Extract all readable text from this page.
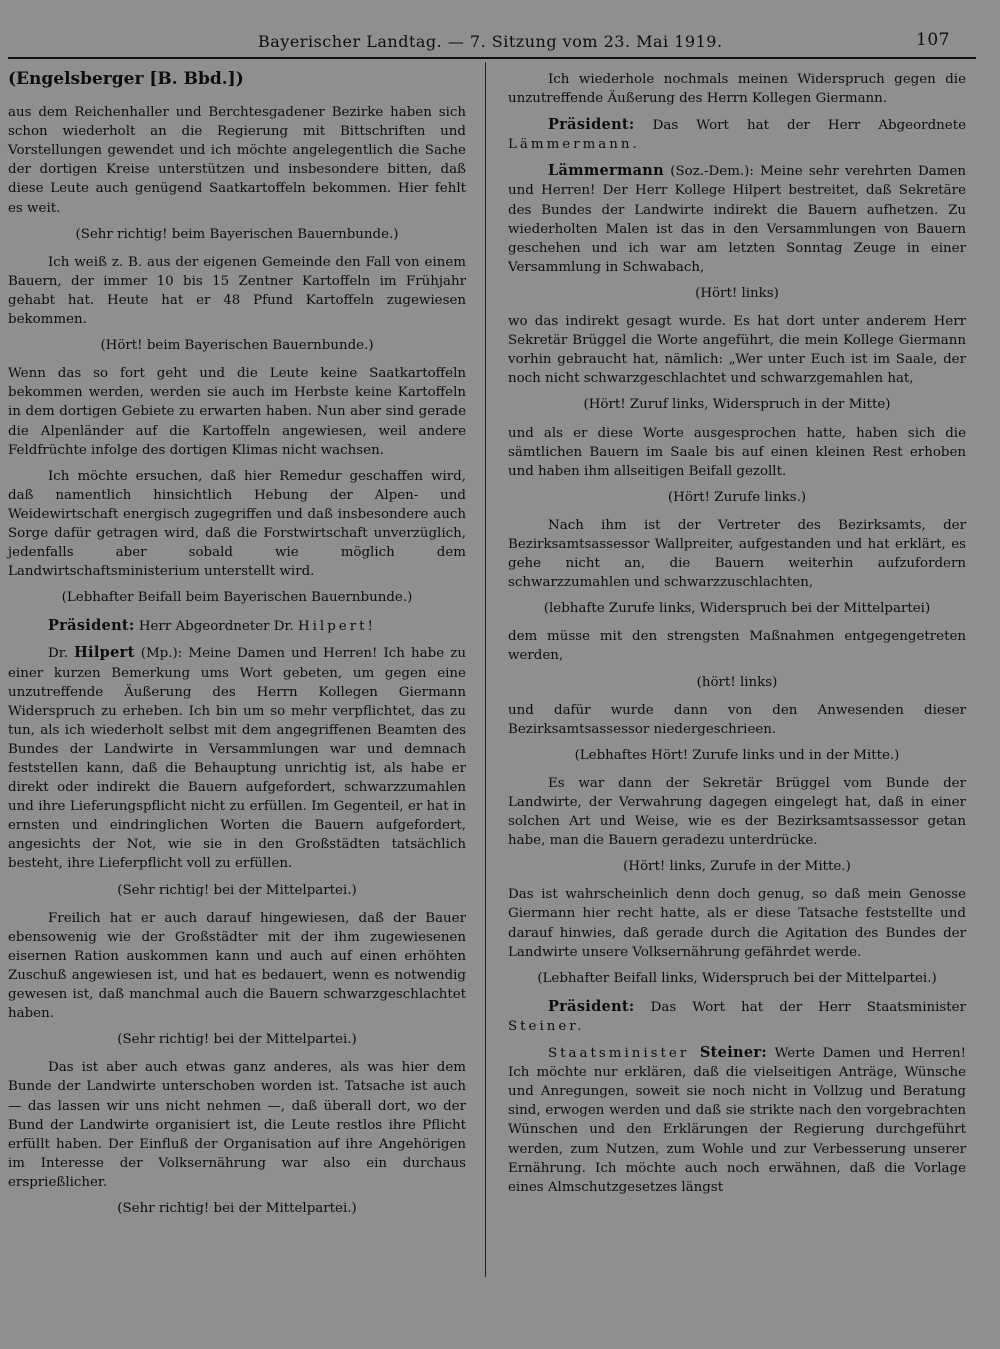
Bayerischer Landtag. — 7. Sitzung vom 23. Mai 1919.	107

(Engelsberger [B. Bbd.])

aus dem Reichenhaller und Berchtesgadener Bezirke haben sich schon wiederholt an die Regierung mit Bittschriften und Vorstellungen gewendet und ich möchte angelegentlich die Sache der dortigen Kreise unterstützen und insbesondere bitten, daß diese Leute auch genügend Saatkartoffeln bekommen. Hier fehlt es weit.

(Sehr richtig! beim Bayerischen Bauernbunde.)

Ich weiß z. B. aus der eigenen Gemeinde den Fall von einem Bauern, der immer 10 bis 15 Zentner Kartoffeln im Frühjahr gehabt hat. Heute hat er 48 Pfund Kartoffeln zugewiesen bekommen.

(Hört! beim Bayerischen Bauernbunde.)

Wenn das so fort geht und die Leute keine Saatkartoffeln bekommen werden, werden sie auch im Herbste keine Kartoffeln in dem dortigen Gebiete zu erwarten haben. Nun aber sind gerade die Alpenländer auf die Kartoffeln angewiesen, weil andere Feldfrüchte infolge des dortigen Klimas nicht wachsen.

Ich möchte ersuchen, daß hier Remedur geschaffen wird, daß namentlich hinsichtlich Hebung der Alpen- und Weidewirtschaft energisch zugegriffen und daß insbesondere auch Sorge dafür getragen wird, daß die Forstwirtschaft unverzüglich, jedenfalls aber sobald wie möglich dem Landwirtschaftsministerium unterstellt wird.

(Lebhafter Beifall beim Bayerischen Bauernbunde.)

Präsident: Herr Abgeordneter Dr. Hilpert!

Dr. Hilpert (Mp.): Meine Damen und Herren! Ich habe zu einer kurzen Bemerkung ums Wort gebeten, um gegen eine unzutreffende Äußerung des Herrn Kollegen Giermann Widerspruch zu erheben. Ich bin um so mehr verpflichtet, das zu tun, als ich wiederholt selbst mit dem angegriffenen Beamten des Bundes der Landwirte in Versammlungen war und demnach feststellen kann, daß die Behauptung unrichtig ist, als habe er direkt oder indirekt die Bauern aufgefordert, schwarzzumahlen und ihre Lieferungspflicht nicht zu erfüllen. Im Gegenteil, er hat in ernsten und eindringlichen Worten die Bauern aufgefordert, angesichts der Not, wie sie in den Großstädten tatsächlich besteht, ihre Lieferpflicht voll zu erfüllen.

(Sehr richtig! bei der Mittelpartei.)

Freilich hat er auch darauf hingewiesen, daß der Bauer ebensowenig wie der Großstädter mit der ihm zugewiesenen eisernen Ration auskommen kann und auch auf einen erhöhten Zuschuß angewiesen ist, und hat es bedauert, wenn es notwendig gewesen ist, daß manchmal auch die Bauern schwarzgeschlachtet haben.

(Sehr richtig! bei der Mittelpartei.)

Das ist aber auch etwas ganz anderes, als was hier dem Bunde der Landwirte unterschoben worden ist. Tatsache ist auch — das lassen wir uns nicht nehmen —, daß überall dort, wo der Bund der Landwirte organisiert ist, die Leute restlos ihre Pflicht erfüllt haben. Der Einfluß der Organisation auf ihre Angehörigen im Interesse der Volksernährung war also ein durchaus ersprießlicher.

(Sehr richtig! bei der Mittelpartei.)

Ich wiederhole nochmals meinen Widerspruch gegen die unzutreffende Äußerung des Herrn Kollegen Giermann.

Präsident: Das Wort hat der Herr Abgeordnete Lämmermann.

Lämmermann (Soz.-Dem.): Meine sehr verehrten Damen und Herren! Der Herr Kollege Hilpert bestreitet, daß Sekretäre des Bundes der Landwirte indirekt die Bauern aufhetzen. Zu wiederholten Malen ist das in den Versammlungen von Bauern geschehen und ich war am letzten Sonntag Zeuge in einer Versammlung in Schwabach,

(Hört! links)

wo das indirekt gesagt wurde. Es hat dort unter anderem Herr Sekretär Brüggel die Worte angeführt, die mein Kollege Giermann vorhin gebraucht hat, nämlich: „Wer unter Euch ist im Saale, der noch nicht schwarzgeschlachtet und schwarzgemahlen hat,

(Hört! Zuruf links, Widerspruch in der Mitte)

und als er diese Worte ausgesprochen hatte, haben sich die sämtlichen Bauern im Saale bis auf einen kleinen Rest erhoben und haben ihm allseitigen Beifall gezollt.

(Hört! Zurufe links.)

Nach ihm ist der Vertreter des Bezirksamts, der Bezirksamtsassessor Wallpreiter, aufgestanden und hat erklärt, es gehe nicht an, die Bauern weiterhin aufzufordern schwarzzumahlen und schwarzzuschlachten,

(lebhafte Zurufe links, Widerspruch bei der Mittelpartei)

dem müsse mit den strengsten Maßnahmen entgegengetreten werden,

(hört! links)

und dafür wurde dann von den Anwesenden dieser Bezirksamtsassessor niedergeschrieen.

(Lebhaftes Hört! Zurufe links und in der Mitte.)

Es war dann der Sekretär Brüggel vom Bunde der Landwirte, der Verwahrung dagegen eingelegt hat, daß in einer solchen Art und Weise, wie es der Bezirksamtsassessor getan habe, man die Bauern geradezu unterdrücke.

(Hört! links, Zurufe in der Mitte.)

Das ist wahrscheinlich denn doch genug, so daß mein Genosse Giermann hier recht hatte, als er diese Tatsache feststellte und darauf hinwies, daß gerade durch die Agitation des Bundes der Landwirte unsere Volksernährung gefährdet werde.

(Lebhafter Beifall links, Widerspruch bei der Mittelpartei.)

Präsident: Das Wort hat der Herr Staatsminister Steiner.

Staatsminister Steiner: Werte Damen und Herren! Ich möchte nur erklären, daß die vielseitigen Anträge, Wünsche und Anregungen, soweit sie noch nicht in Vollzug und Beratung sind, erwogen werden und daß sie strikte nach den vorgebrachten Wünschen und den Erklärungen der Regierung durchgeführt werden, zum Nutzen, zum Wohle und zur Verbesserung unserer Ernährung. Ich möchte auch noch erwähnen, daß die Vorlage eines Almschutzgesetzes längst
